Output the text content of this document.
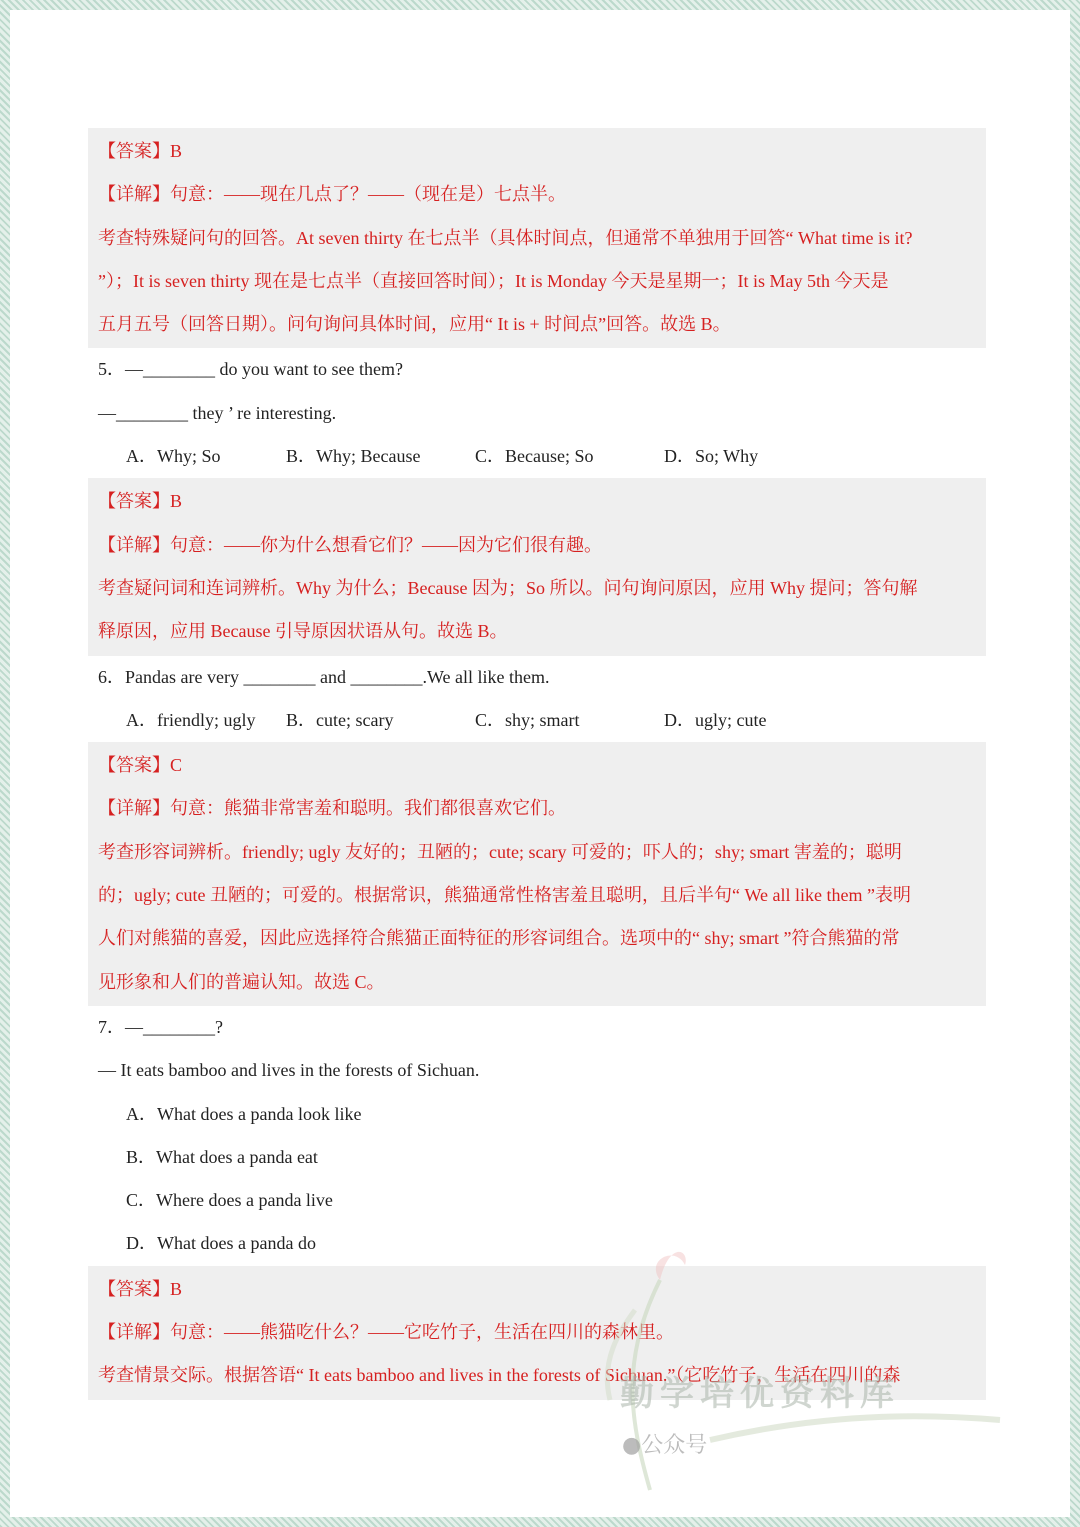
【答案】B
【详解】句意：——现在几点了？——（现在是）七点半。
考查特殊疑问句的回答。At seven thirty 在七点半（具体时间点，但通常不单独用于回答“ What time is it?
”）；It is seven thirty 现在是七点半（直接回答时间）；It is Monday 今天是星期一；It is May 5th 今天是
五月五号（回答日期）。问句询问具体时间，应用“ It is + 时间点”回答。故选 B。
5．—________ do you want to see them?
—________ they ’ re interesting.
A．Why; So	B．Why; Because	C．Because; So	D．So; Why
【答案】B
【详解】句意：——你为什么想看它们？——因为它们很有趣。
考查疑问词和连词辨析。Why 为什么；Because 因为；So 所以。问句询问原因，应用 Why 提问；答句解
释原因，应用 Because 引导原因状语从句。故选 B。
6．Pandas are very ________ and ________.We all like them.
A．friendly; ugly	B．cute; scary	C．shy; smart	D．ugly; cute
【答案】C
【详解】句意：熊猫非常害羞和聪明。我们都很喜欢它们。
考查形容词辨析。friendly; ugly 友好的；丑陋的；cute; scary 可爱的；吓人的；shy; smart 害羞的；聪明
的；ugly; cute 丑陋的；可爱的。根据常识，熊猫通常性格害羞且聪明，且后半句“ We all like them ”表明
人们对熊猫的喜爱，因此应选择符合熊猫正面特征的形容词组合。选项中的“ shy; smart ”符合熊猫的常
见形象和人们的普遍认知。故选 C。
7．—________?
— It eats bamboo and lives in the forests of Sichuan.
A．What does a panda look like
B．What does a panda eat
C．Where does a panda live
D．What does a panda do
【答案】B
【详解】句意：——熊猫吃什么？——它吃竹子，生活在四川的森林里。
考查情景交际。根据答语“ It eats bamboo and lives in the forests of Sichuan.”（它吃竹子，生活在四川的森
勤学培优资料库
●公众号
